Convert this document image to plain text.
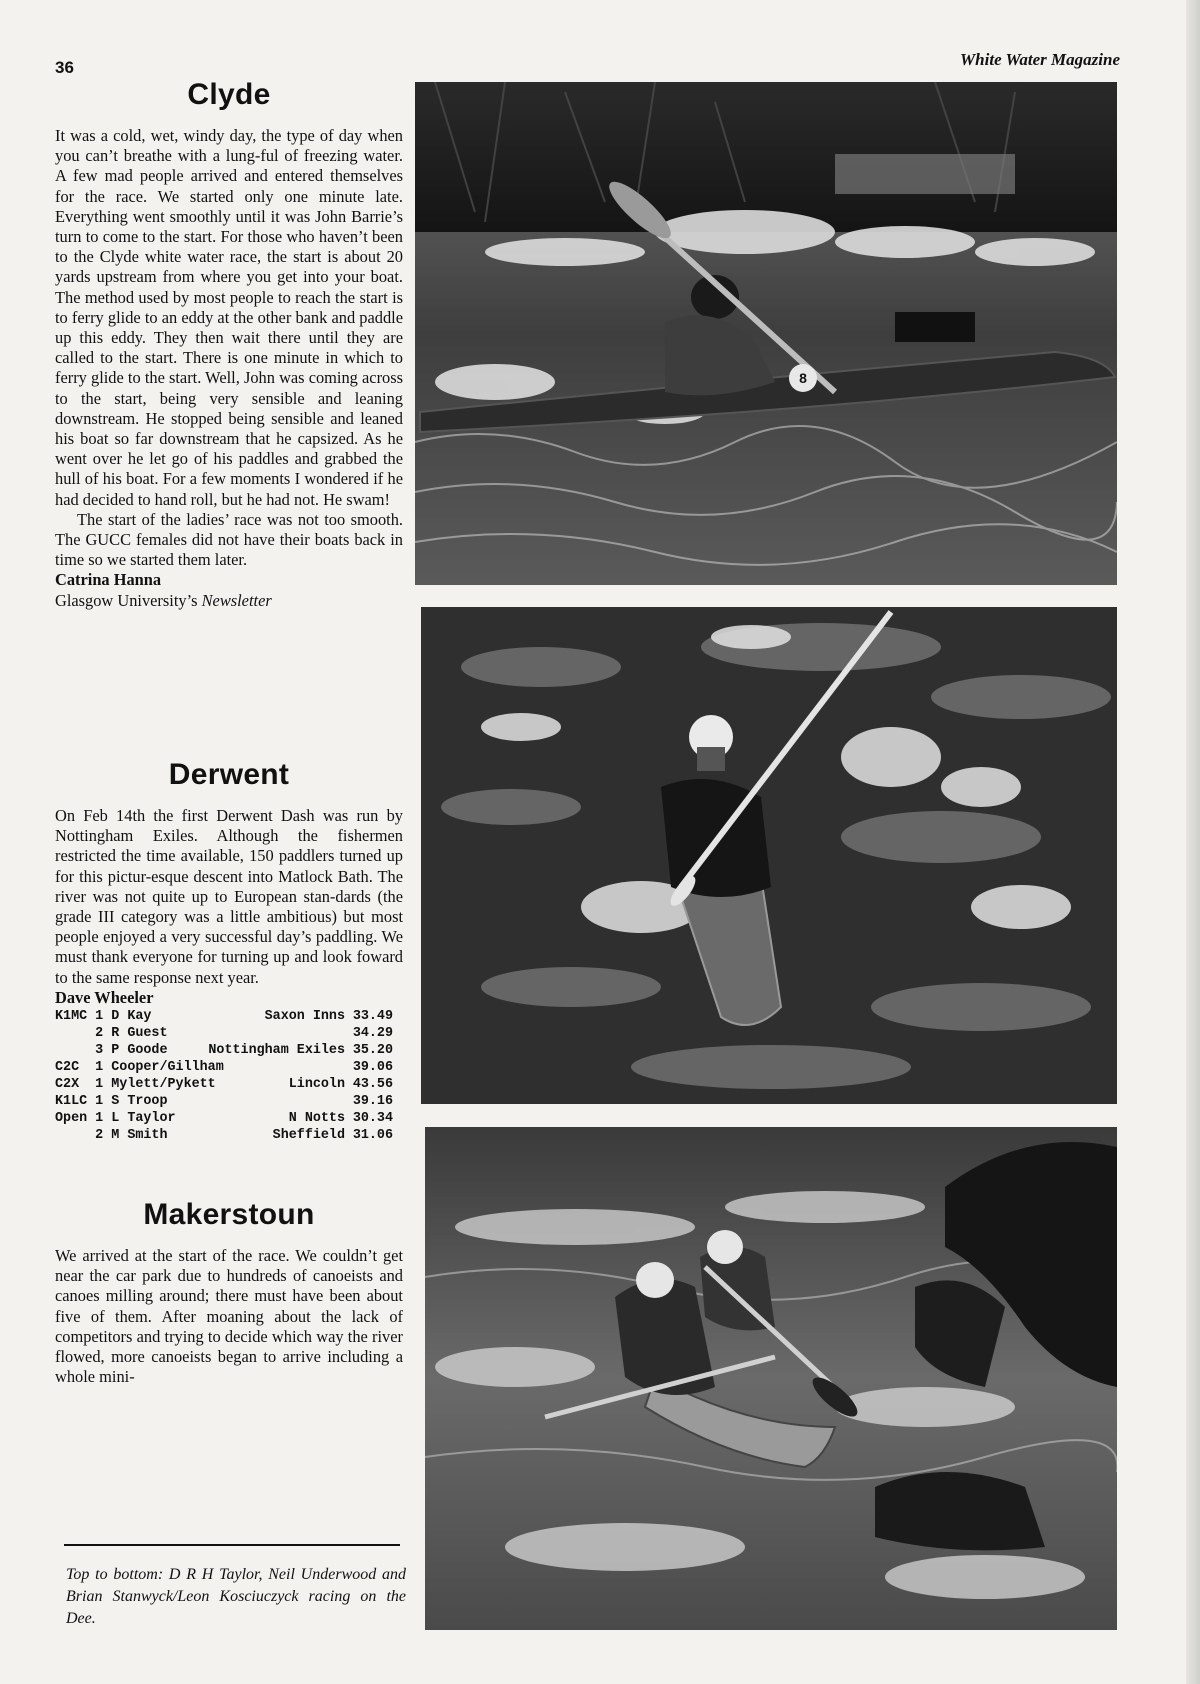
36	White Water Magazine
Clyde

It was a cold, wet, windy day, the type of day when you can’t breathe with a lung-ful of freezing water. A few mad people arrived and entered themselves for the race. We started only one minute late. Everything went smoothly until it was John Barrie’s turn to come to the start. For those who haven’t been to the Clyde white water race, the start is about 20 yards upstream from where you get into your boat. The method used by most people to reach the start is to ferry glide to an eddy at the other bank and paddle up this eddy. They then wait there until they are called to the start. There is one minute in which to ferry glide to the start. Well, John was coming across to the start, being very sensible and leaning downstream. He stopped being sensible and leaned his boat so far downstream that he capsized. As he went over he let go of his paddles and grabbed the hull of his boat. For a few moments I wondered if he had decided to hand roll, but he had not. He swam!

The start of the ladies’ race was not too smooth. The GUCC females did not have their boats back in time so we started them later.

Catrina Hanna
Glasgow University’s Newsletter
Derwent
On Feb 14th the first Derwent Dash was run by Nottingham Exiles. Although the fishermen restricted the time available, 150 paddlers turned up for this pictur-esque descent into Matlock Bath. The river was not quite up to European stan-dards (the grade III category was a little ambitious) but most people enjoyed a very successful day’s paddling. We must thank everyone for turning up and look foward to the same response next year.
Dave Wheeler
K1MC 1 D Kay	Saxon Inns 33.49
2 R Guest	34.29
3 P Goode	Nottingham Exiles 35.20
C2C  1 Cooper/Gillham	39.06
C2X  1 Mylett/Pykett	Lincoln 43.56
K1LC 1 S Troop	39.16
Open 1 L Taylor	N Notts 30.34
2 M Smith	Sheffield 31.06
Makerstoun
We arrived at the start of the race. We couldn’t get near the car park due to hundreds of canoeists and canoes milling around; there must have been about five of them. After moaning about the lack of competitors and trying to decide which way the river flowed, more canoeists began to arrive including a whole mini-
Top to bottom: D R H Taylor, Neil Underwood and Brian Stanwyck/Leon Kosciuczyck racing on the Dee.
8
